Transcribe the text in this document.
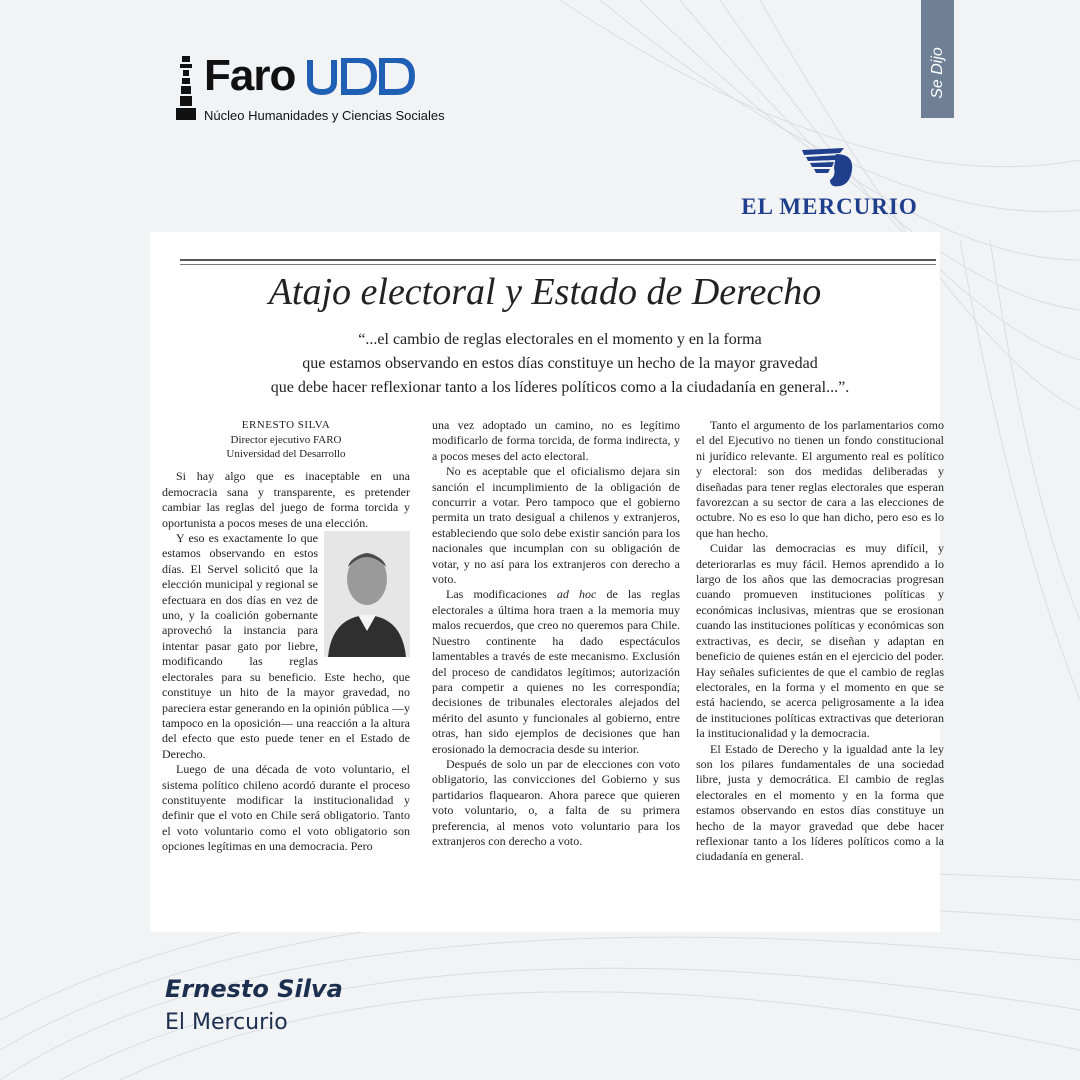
Faro
Núcleo Humanidades y Ciencias Sociales
Se Dijo
EL MERCURIO
Atajo electoral y Estado de Derecho
“...el cambio de reglas electorales en el momento y en la forma
que estamos observando en estos días constituye un hecho de la mayor gravedad
que debe hacer reflexionar tanto a los líderes políticos como a la ciudadanía en general...”.
ERNESTO SILVA
Director ejecutivo FARO
Universidad del Desarrollo

Si hay algo que es inaceptable en una democracia sana y transparente, es pretender cambiar las reglas del juego de forma torcida y oportunista a pocos meses de una elección.

Y eso es exactamente lo que estamos observando en estos días. El Servel solicitó que la elección municipal y regional se efectuara en dos días en vez de uno, y la coalición gobernante aprovechó la instancia para intentar pasar gato por liebre, modificando las reglas electorales para su beneficio. Este hecho, que constituye un hito de la mayor gravedad, no pareciera estar generando en la opinión pública —y tampoco en la oposición— una reacción a la altura del efecto que esto puede tener en el Estado de Derecho.

Luego de una década de voto voluntario, el sistema político chileno acordó durante el proceso constituyente modificar la institucionalidad y definir que el voto en Chile será obligatorio. Tanto el voto voluntario como el voto obligatorio son opciones legítimas en una democracia. Pero

una vez adoptado un camino, no es legítimo modificarlo de forma torcida, de forma indirecta, y a pocos meses del acto electoral.

No es aceptable que el oficialismo dejara sin sanción el incumplimiento de la obligación de concurrir a votar. Pero tampoco que el gobierno permita un trato desigual a chilenos y extranjeros, estableciendo que solo debe existir sanción para los nacionales que incumplan con su obligación de votar, y no así para los extranjeros con derecho a voto.

Las modificaciones ad hoc de las reglas electorales a última hora traen a la memoria muy malos recuerdos, que creo no queremos para Chile. Nuestro continente ha dado espectáculos lamentables a través de este mecanismo. Exclusión del proceso de candidatos legítimos; autorización para competir a quienes no les correspondía; decisiones de tribunales electorales alejados del mérito del asunto y funcionales al gobierno, entre otras, han sido ejemplos de decisiones que han erosionado la democracia desde su interior.

Después de solo un par de elecciones con voto obligatorio, las convicciones del Gobierno y sus partidarios flaquearon. Ahora parece que quieren voto voluntario, o, a falta de su primera preferencia, al menos voto voluntario para los extranjeros con derecho a voto.

Tanto el argumento de los parlamentarios como el del Ejecutivo no tienen un fondo constitucional ni jurídico relevante. El argumento real es político y electoral: son dos medidas deliberadas y diseñadas para tener reglas electorales que esperan favorezcan a su sector de cara a las elecciones de octubre. No es eso lo que han dicho, pero eso es lo que han hecho.

Cuidar las democracias es muy difícil, y deteriorarlas es muy fácil. Hemos aprendido a lo largo de los años que las democracias progresan cuando promueven instituciones políticas y económicas inclusivas, mientras que se erosionan cuando las instituciones políticas y económicas son extractivas, es decir, se diseñan y adaptan en beneficio de quienes están en el ejercicio del poder. Hay señales suficientes de que el cambio de reglas electorales, en la forma y el momento en que se está haciendo, se acerca peligrosamente a la idea de instituciones políticas extractivas que deterioran la institucionalidad y la democracia.

El Estado de Derecho y la igualdad ante la ley son los pilares fundamentales de una sociedad libre, justa y democrática. El cambio de reglas electorales en el momento y en la forma que estamos observando en estos días constituye un hecho de la mayor gravedad que debe hacer reflexionar tanto a los líderes políticos como a la ciudadanía en general.

Ernesto Silva
El Mercurio
